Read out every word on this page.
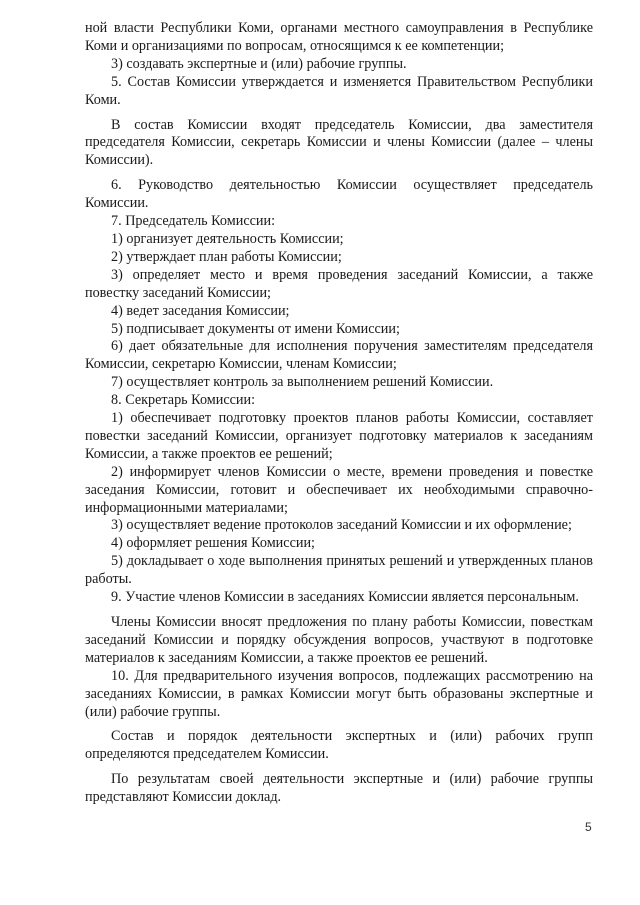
ной власти Республики Коми, органами местного самоуправления в Республике Коми и организациями по вопросам, относящимся к ее компетенции;

3) создавать экспертные и (или) рабочие группы.

5. Состав Комиссии утверждается и изменяется Правительством Республики Коми.

В состав Комиссии входят председатель Комиссии, два заместителя председателя Комиссии, секретарь Комиссии и члены Комиссии (далее – члены Комиссии).

6. Руководство деятельностью Комиссии осуществляет председатель Комиссии.

7. Председатель Комиссии:

1) организует деятельность Комиссии;

2) утверждает план работы Комиссии;

3) определяет место и время проведения заседаний Комиссии, а также повестку заседаний Комиссии;

4) ведет заседания Комиссии;

5) подписывает документы от имени Комиссии;

6) дает обязательные для исполнения поручения заместителям председателя Комиссии, секретарю Комиссии, членам Комиссии;

7) осуществляет контроль за выполнением решений Комиссии.

8. Секретарь Комиссии:

1) обеспечивает подготовку проектов планов работы Комиссии, составляет повестки заседаний Комиссии, организует подготовку материалов к заседаниям Комиссии, а также проектов ее решений;

2) информирует членов Комиссии о месте, времени проведения и повестке заседания Комиссии, готовит и обеспечивает их необходимыми справочно-информационными материалами;

3) осуществляет ведение протоколов заседаний Комиссии и их оформление;

4) оформляет решения Комиссии;

5) докладывает о ходе выполнения принятых решений и утвержденных планов работы.

9. Участие членов Комиссии в заседаниях Комиссии является персональным.

Члены Комиссии вносят предложения по плану работы Комиссии, повесткам заседаний Комиссии и порядку обсуждения вопросов, участвуют в подготовке материалов к заседаниям Комиссии, а также проектов ее решений.

10. Для предварительного изучения вопросов, подлежащих рассмотрению на заседаниях Комиссии, в рамках Комиссии могут быть образованы экспертные и (или) рабочие группы.

Состав и порядок деятельности экспертных и (или) рабочих групп определяются председателем Комиссии.

По результатам своей деятельности экспертные и (или) рабочие группы представляют Комиссии доклад.

5
